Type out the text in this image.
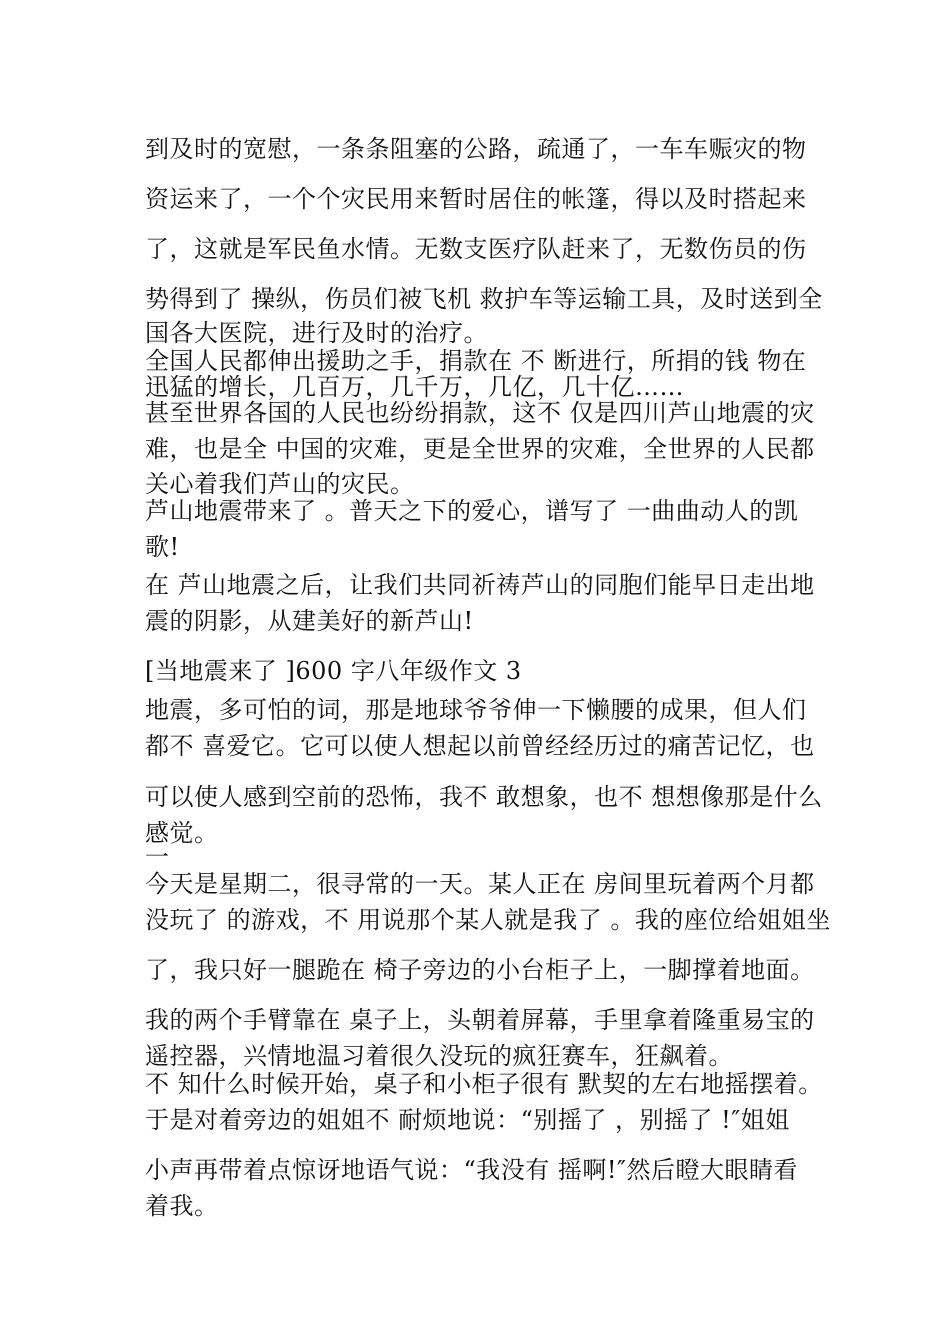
到及时的宽慰，一条条阻塞的公路，疏通了，一车车赈灾的物
资运来了，一个个灾民用来暂时居住的帐篷，得以及时搭起来
了，这就是军民鱼水情。无数支医疗队赶来了，无数伤员的伤
势得到了 操纵，伤员们被飞机 救护车等运输工具，及时送到全
国各大医院，进行及时的治疗。
全国人民都伸出援助之手，捐款在 不 断进行，所捐的钱 物在
迅猛的增长，几百万，几千万，几亿，几十亿……
甚至世界各国的人民也纷纷捐款，这不 仅是四川芦山地震的灾
难，也是全 中国的灾难，更是全世界的灾难，全世界的人民都
关心着我们芦山的灾民。
芦山地震带来了 。普天之下的爱心，谱写了 一曲曲动人的凯
歌!
在 芦山地震之后，让我们共同祈祷芦山的同胞们能早日走出地
震的阴影，从建美好的新芦山!
[当地震来了 ]600 字八年级作文 3
地震，多可怕的词，那是地球爷爷伸一下懒腰的成果，但人们
都不 喜爱它。它可以使人想起以前曾经经历过的痛苦记忆，也
可以使人感到空前的恐怖，我不 敢想象，也不 想想像那是什么
感觉。
一
今天是星期二，很寻常的一天。某人正在 房间里玩着两个月都
没玩了 的游戏，不 用说那个某人就是我了 。我的座位给姐姐坐
了，我只好一腿跪在 椅子旁边的小台柜子上，一脚撑着地面。
我的两个手臂靠在 桌子上，头朝着屏幕，手里拿着隆重易宝的
遥控器，兴情地温习着很久没玩的疯狂赛车，狂飙着。
不 知什么时候开始，桌子和小柜子很有 默契的左右地摇摆着。
于是对着旁边的姐姐不 耐烦地说：“别摇了 ，别摇了 !″姐姐
小声再带着点惊讶地语气说：“我没有 摇啊!″然后瞪大眼睛看
着我。
